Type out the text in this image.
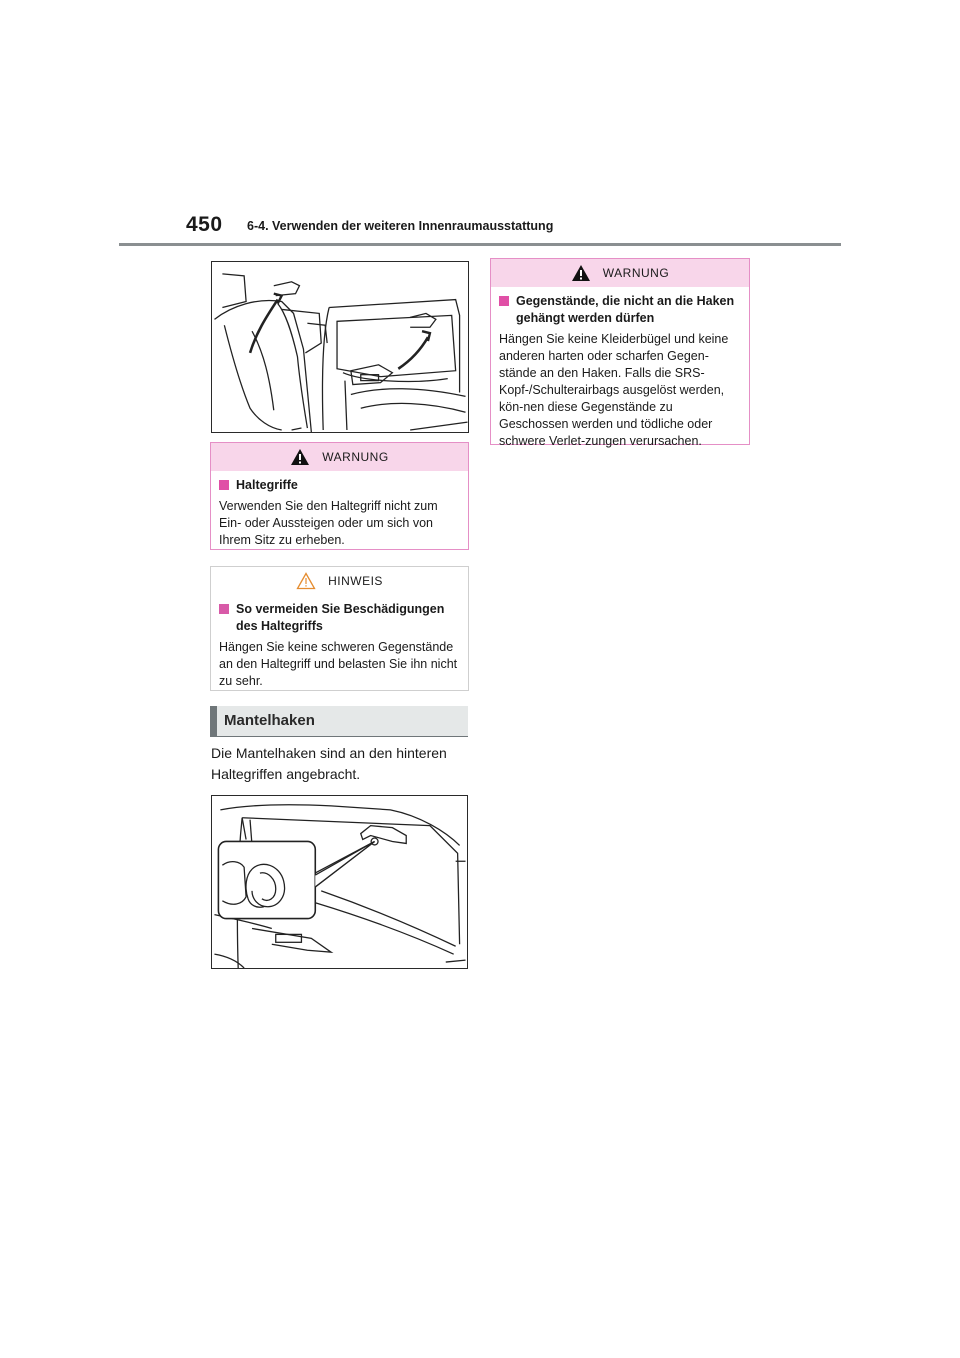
450 6-4. Verwenden der weiteren Innenraumausstattung
WARNUNG
Haltegriffe
Verwenden Sie den Haltegriff nicht zum Ein- oder Aussteigen oder um sich von Ihrem Sitz zu erheben.
HINWEIS
So vermeiden Sie Beschädigungen des Haltegriffs
Hängen Sie keine schweren Gegenstände an den Haltegriff und belasten Sie ihn nicht zu sehr.
Mantelhaken
Die Mantelhaken sind an den hinteren Haltegriffen angebracht.
WARNUNG
Gegenstände, die nicht an die Haken gehängt werden dürfen
Hängen Sie keine Kleiderbügel und keine anderen harten oder scharfen Gegen-stände an den Haken. Falls die SRS-Kopf-/Schulterairbags ausgelöst werden, kön-nen diese Gegenstände zu Geschossen werden und tödliche oder schwere Verlet-zungen verursachen.
